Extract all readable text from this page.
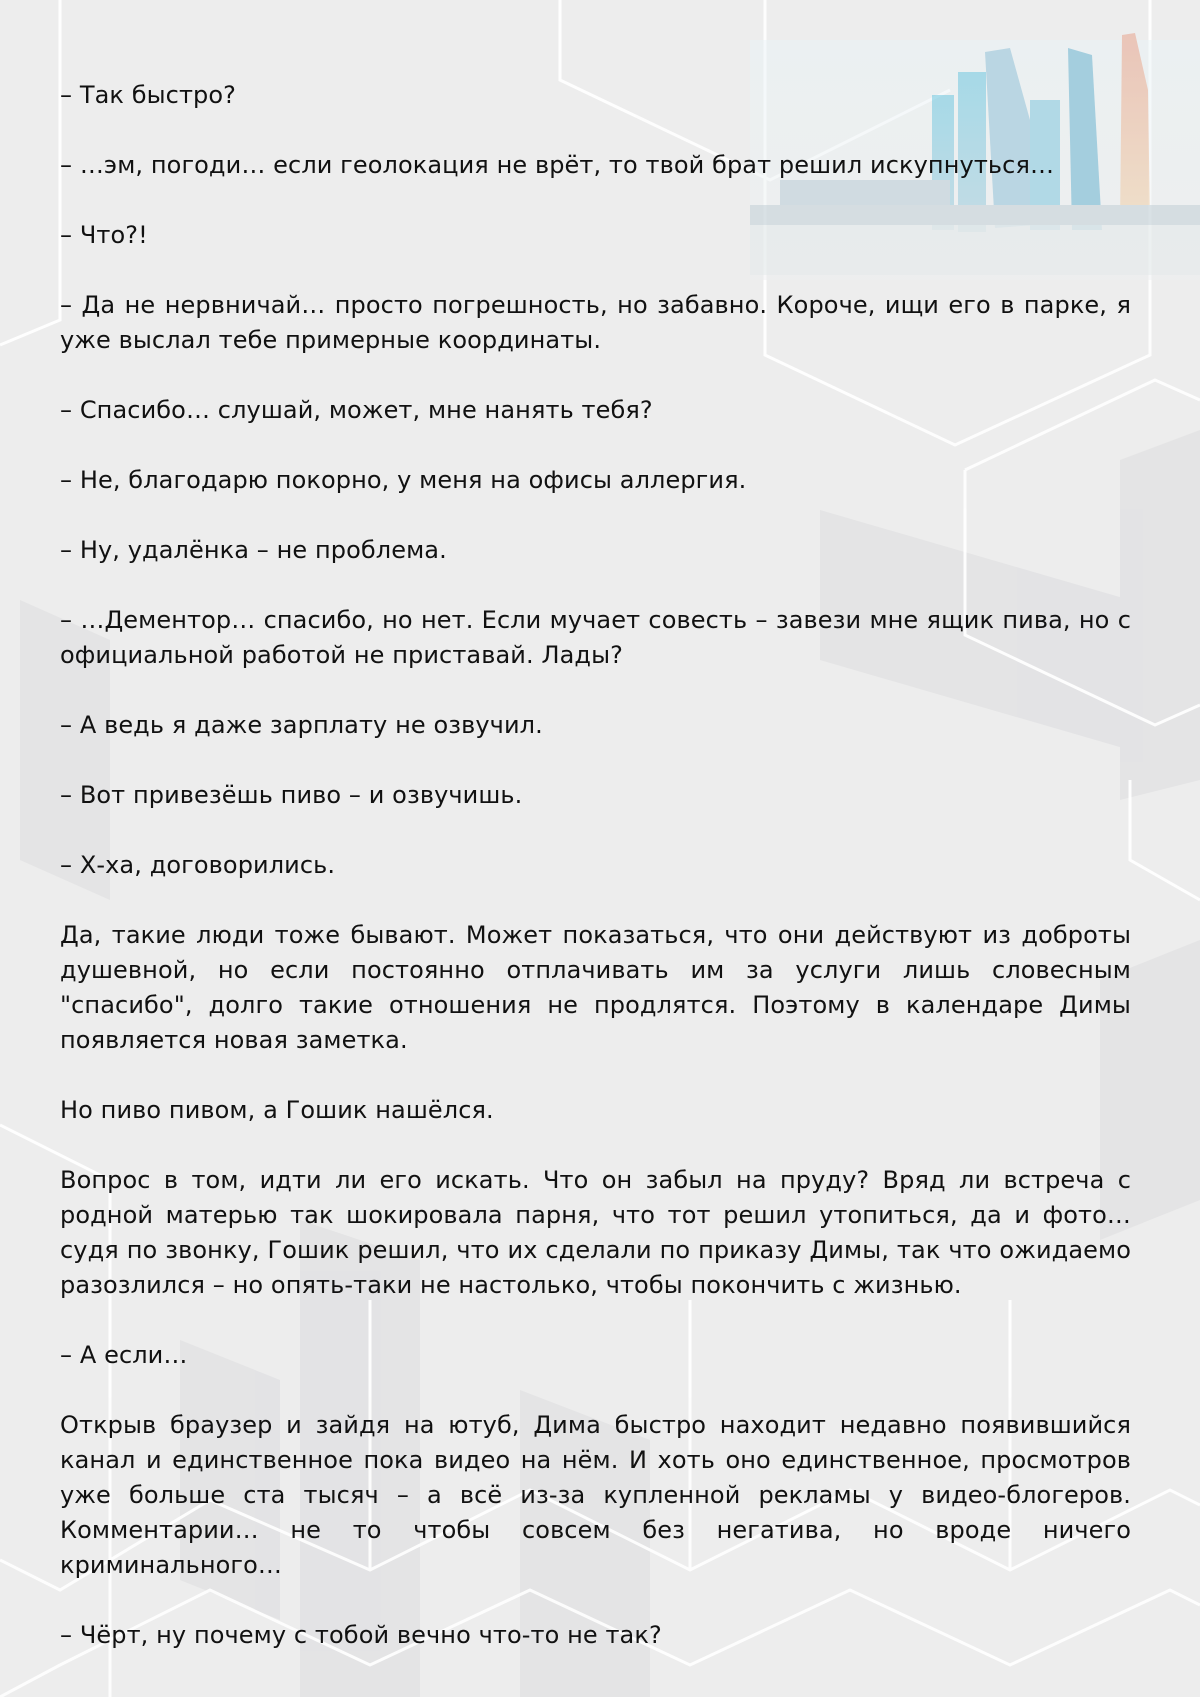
– Так быстро?

– …эм, погоди… если геолокация не врёт, то твой брат решил искупнуться…

– Что?!

– Да не нервничай… просто погрешность, но забавно. Короче, ищи его в парке, я уже выслал тебе примерные координаты.

– Спасибо… слушай, может, мне нанять тебя?

– Не, благодарю покорно, у меня на офисы аллергия.

– Ну, удалёнка – не проблема.

– …Дементор… спасибо, но нет. Если мучает совесть – завези мне ящик пива, но с официальной работой не приставай. Лады?

– А ведь я даже зарплату не озвучил.

– Вот привезёшь пиво – и озвучишь.

– Х-ха, договорились.

Да, такие люди тоже бывают. Может показаться, что они действуют из доброты душевной, но если постоянно отплачивать им за услуги лишь словесным "спасибо", долго такие отношения не продлятся. Поэтому в календаре Димы появляется новая заметка.

Но пиво пивом, а Гошик нашёлся.

Вопрос в том, идти ли его искать. Что он забыл на пруду? Вряд ли встреча с родной матерью так шокировала парня, что тот решил утопиться, да и фото… судя по звонку, Гошик решил, что их сделали по приказу Димы, так что ожидаемо разозлился – но опять-таки не настолько, чтобы покончить с жизнью.

– А если…

Открыв браузер и зайдя на ютуб, Дима быстро находит недавно появившийся канал и единственное пока видео на нём. И хоть оно единственное, просмотров уже больше ста тысяч – а всё из-за купленной рекламы у видео-блогеров. Комментарии… не то чтобы совсем без негатива, но вроде ничего криминального…

– Чёрт, ну почему с тобой вечно что-то не так?
